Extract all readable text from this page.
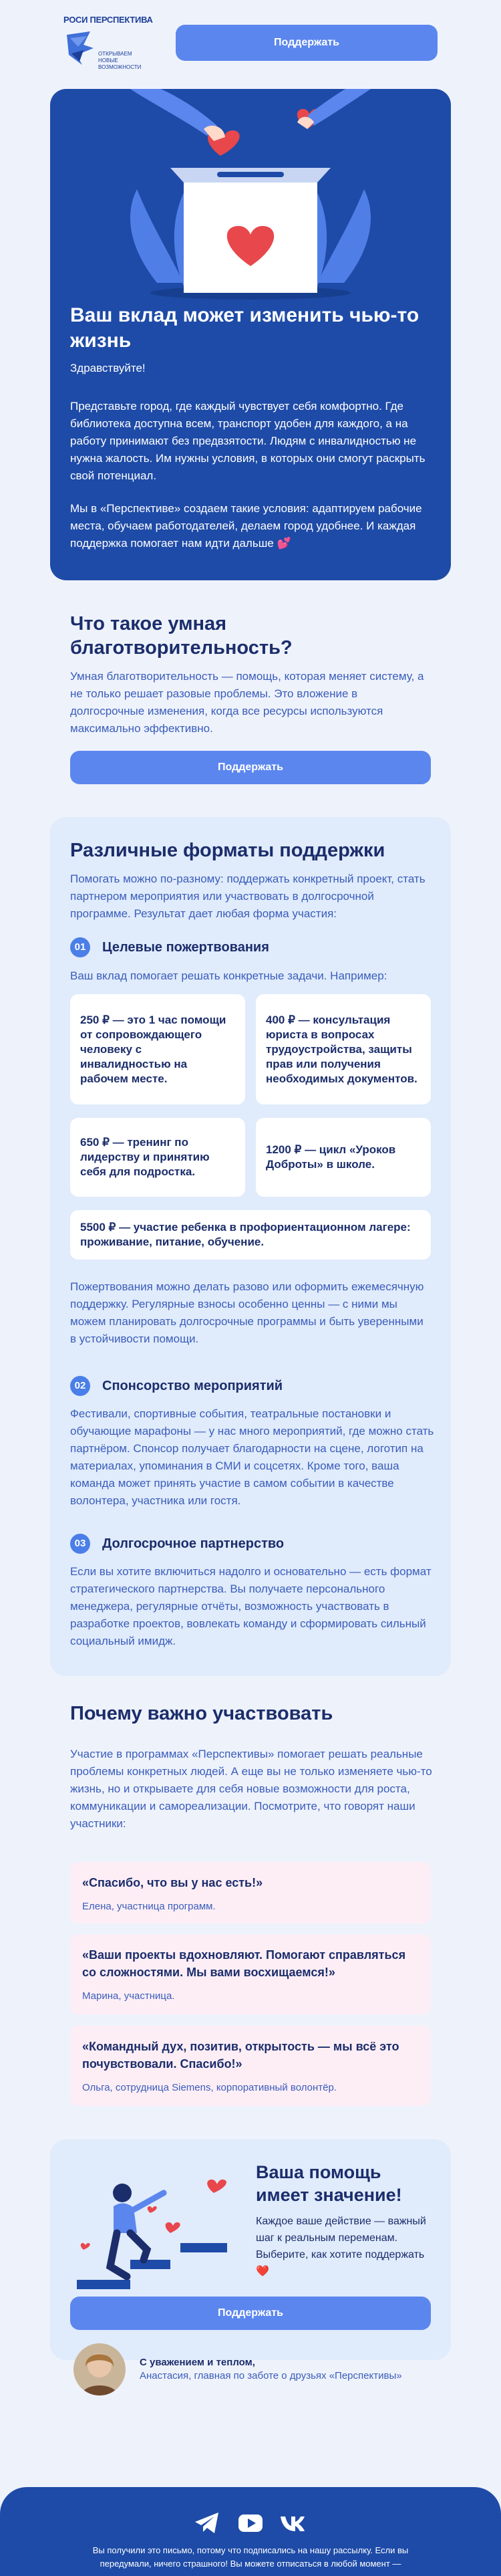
РОСИ ПЕРСПЕКТИВА
ОТКРЫВАЕМ НОВЫЕ ВОЗМОЖНОСТИ
Поддержать
Ваш вклад может изменить чью-то жизнь
Здравствуйте!
Представьте город, где каждый чувствует себя комфортно. Где библиотека доступна всем, транспорт удобен для каждого, а на работу принимают без предвзятости. Людям с инвалидностью не нужна жалость. Им нужны условия, в которых они смогут раскрыть свой потенциал.
Мы в «Перспективе» создаем такие условия: адаптируем рабочие места, обучаем работодателей, делаем город удобнее. И каждая поддержка помогает нам идти дальше 💕
Что такое умная благотворительность?
Умная благотворительность — помощь, которая меняет систему, а не только решает разовые проблемы. Это вложение в долгосрочные изменения, когда все ресурсы используются максимально эффективно.
Поддержать
Различные форматы поддержки
Помогать можно по-разному: поддержать конкретный проект, стать партнером мероприятия или участвовать в долгосрочной программе. Результат дает любая форма участия:
01	Целевые пожертвования
Ваш вклад помогает решать конкретные задачи. Например:
250 ₽ — это 1 час помощи от сопровождающего человеку с инвалидностью на рабочем месте.
400 ₽ — консультация юриста в вопросах трудоустройства, защиты прав или получения необходимых документов.
650 ₽ — тренинг по лидерству и принятию себя для подростка.
1200 ₽ — цикл «Уроков Доброты» в школе.
5500 ₽ — участие ребенка в профориентационном лагере: проживание, питание, обучение.
Пожертвования можно делать разово или оформить ежемесячную поддержку. Регулярные взносы особенно ценны — с ними мы можем планировать долгосрочные программы и быть уверенными в устойчивости помощи.
02	Спонсорство мероприятий
Фестивали, спортивные события, театральные постановки и обучающие марафоны — у нас много мероприятий, где можно стать партнёром. Спонсор получает благодарности на сцене, логотип на материалах, упоминания в СМИ и соцсетях. Кроме того, ваша команда может принять участие в самом событии в качестве волонтера, участника или гостя.
03	Долгосрочное партнерство
Если вы хотите включиться надолго и основательно — есть формат стратегического партнерства. Вы получаете персонального менеджера, регулярные отчёты, возможность участвовать в разработке проектов, вовлекать команду и сформировать сильный социальный имидж.
Почему важно участвовать
Участие в программах «Перспективы» помогает решать реальные проблемы конкретных людей. А еще вы не только изменяете чью-то жизнь, но и открываете для себя новые возможности для роста, коммуникации и самореализации. Посмотрите, что говорят наши участники:
«Спасибо, что вы у нас есть!»
Елена, участница программ.
«Ваши проекты вдохновляют. Помогают справляться со сложностями. Мы вами восхищаемся!»
Марина, участница.
«Командный дух, позитив, открытость — мы всё это почувствовали. Спасибо!»
Ольга, сотрудница Siemens, корпоративный волонтёр.
Ваша помощь имеет значение!
Каждое ваше действие — важный шаг к реальным переменам. Выберите, как хотите поддержать ❤️
Поддержать
С уважением и теплом,
Анастасия, главная по заботе о друзьях «Перспективы»
Вы получили это письмо, потому что подписались на нашу рассылку. Если вы передумали, ничего страшного! Вы можете отписаться в любой момент —
